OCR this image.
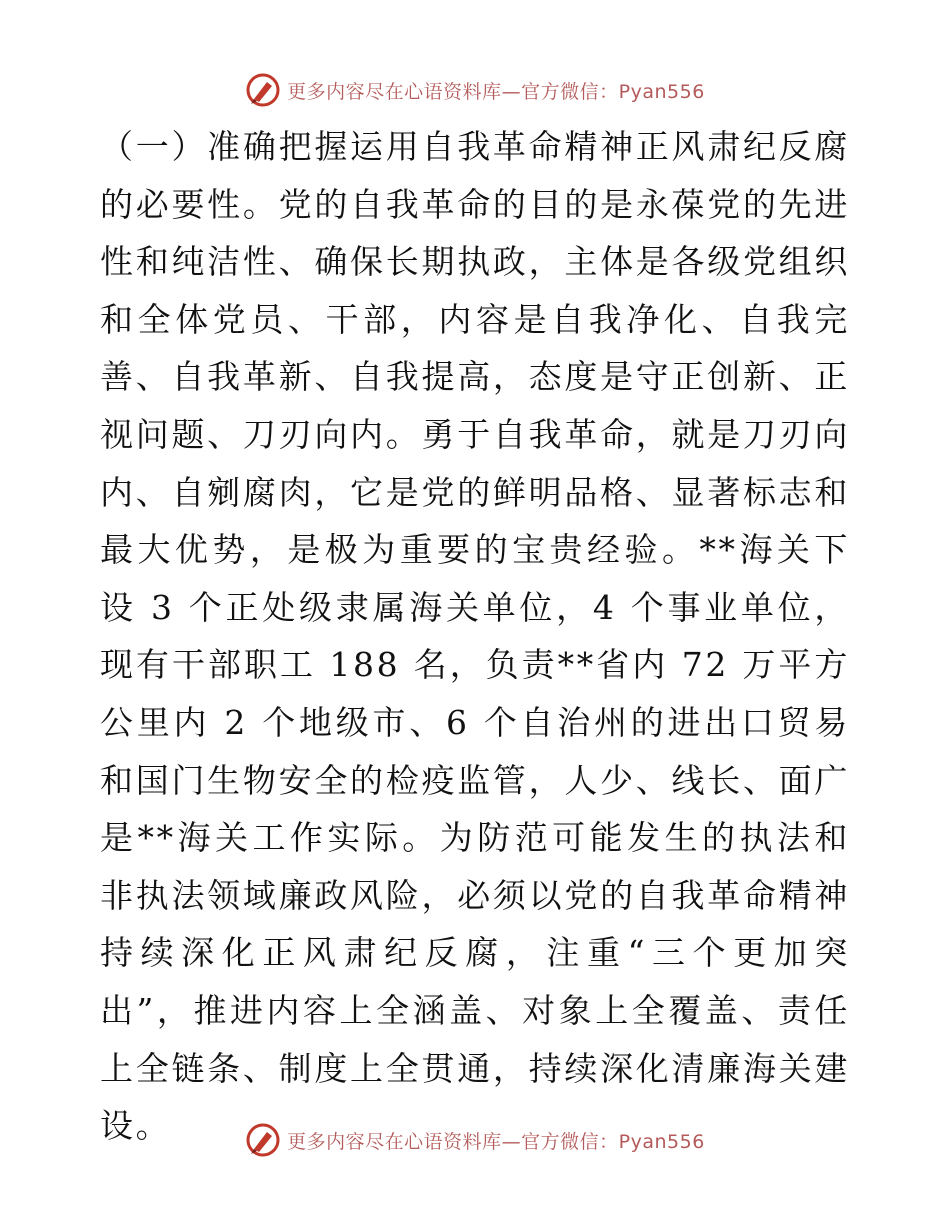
更多内容尽在心语资料库—官方微信：Pyan556

（一）准确把握运用自我革命精神正风肃纪反腐的必要性。党的自我革命的目的是永葆党的先进性和纯洁性、确保长期执政，主体是各级党组织和全体党员、干部，内容是自我净化、自我完善、自我革新、自我提高，态度是守正创新、正视问题、刀刃向内。勇于自我革命，就是刀刃向内、自剜腐肉，它是党的鲜明品格、显著标志和最大优势，是极为重要的宝贵经验。**海关下设 3 个正处级隶属海关单位，4 个事业单位，现有干部职工 188 名，负责**省内 72 万平方公里内 2 个地级市、6 个自治州的进出口贸易和国门生物安全的检疫监管，人少、线长、面广是**海关工作实际。为防范可能发生的执法和非执法领域廉政风险，必须以党的自我革命精神持续深化正风肃纪反腐，注重“三个更加突出”，推进内容上全涵盖、对象上全覆盖、责任上全链条、制度上全贯通，持续深化清廉海关建设。	更多内容尽在心语资料库—官方微信：Pyan556
